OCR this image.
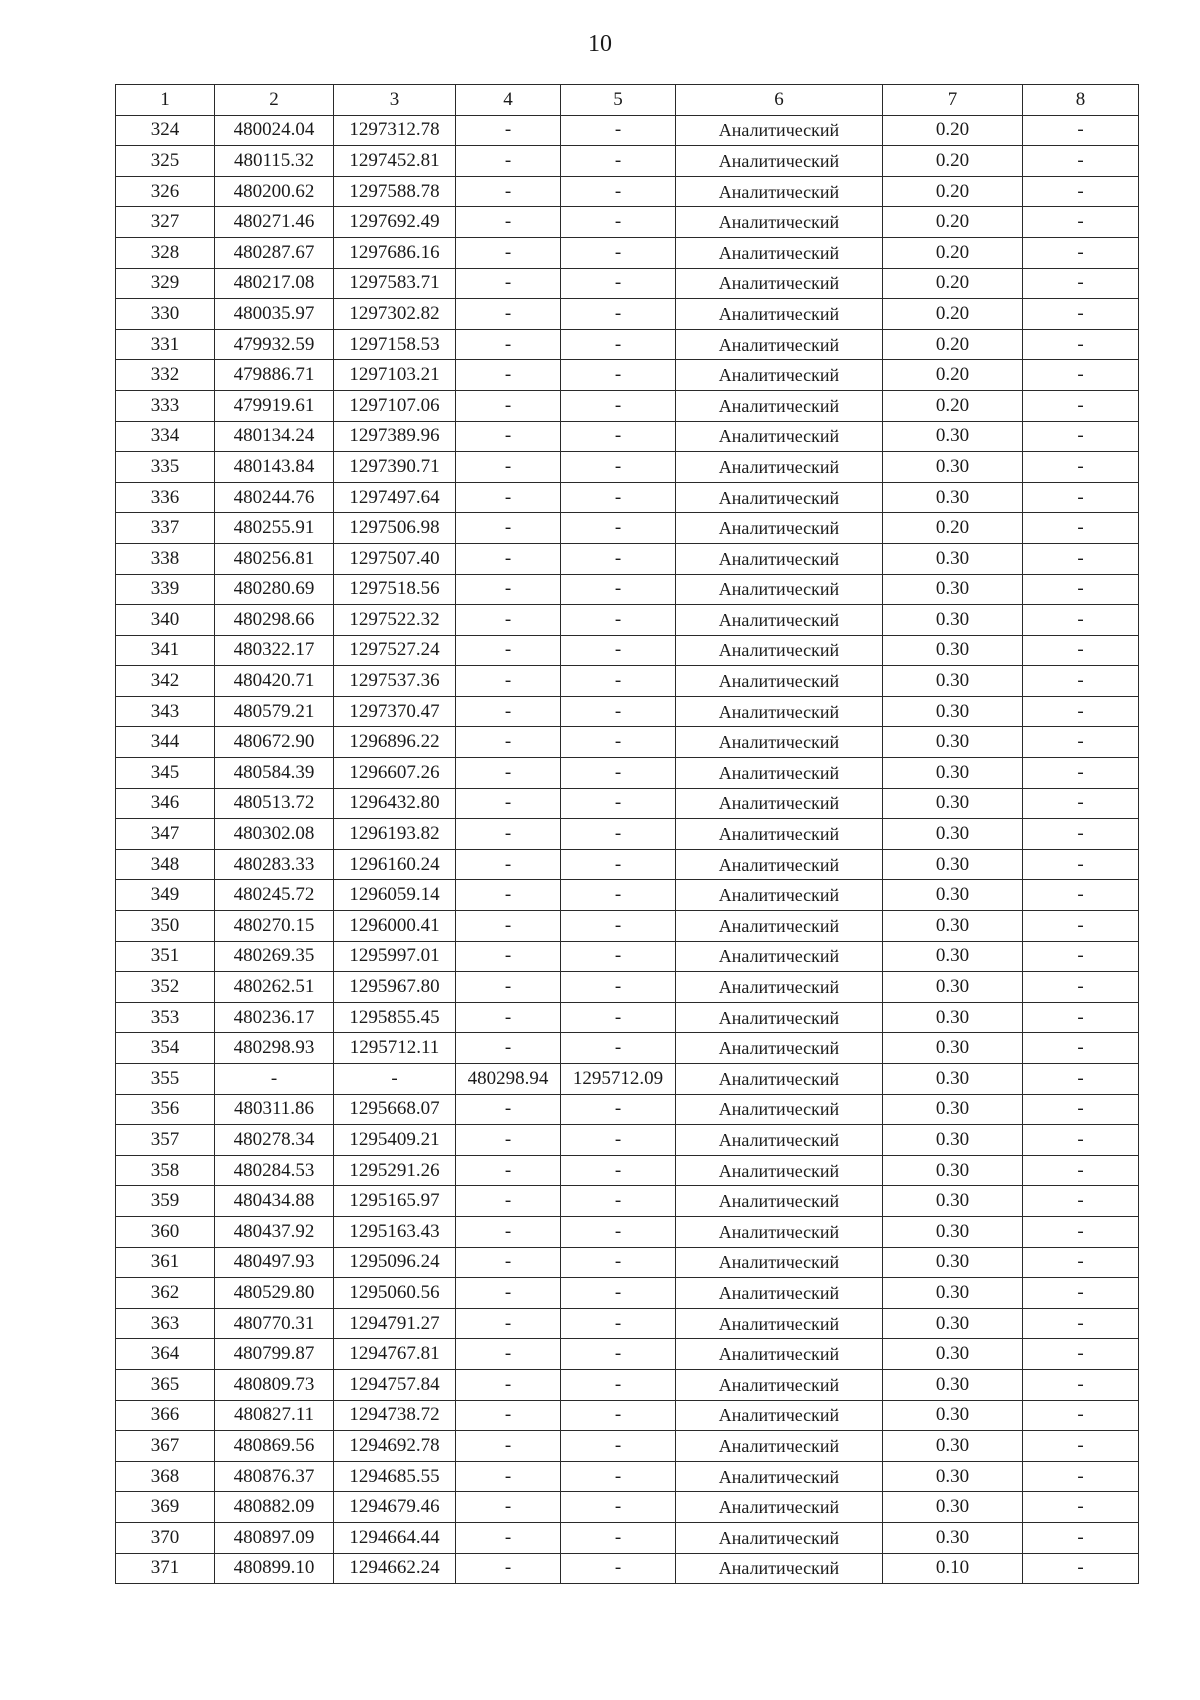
10
1	2	3	4	5	6	7	8
324	480024.04	1297312.78	-	-	Аналитический	0.20	-
325	480115.32	1297452.81	-	-	Аналитический	0.20	-
326	480200.62	1297588.78	-	-	Аналитический	0.20	-
327	480271.46	1297692.49	-	-	Аналитический	0.20	-
328	480287.67	1297686.16	-	-	Аналитический	0.20	-
329	480217.08	1297583.71	-	-	Аналитический	0.20	-
330	480035.97	1297302.82	-	-	Аналитический	0.20	-
331	479932.59	1297158.53	-	-	Аналитический	0.20	-
332	479886.71	1297103.21	-	-	Аналитический	0.20	-
333	479919.61	1297107.06	-	-	Аналитический	0.20	-
334	480134.24	1297389.96	-	-	Аналитический	0.30	-
335	480143.84	1297390.71	-	-	Аналитический	0.30	-
336	480244.76	1297497.64	-	-	Аналитический	0.30	-
337	480255.91	1297506.98	-	-	Аналитический	0.20	-
338	480256.81	1297507.40	-	-	Аналитический	0.30	-
339	480280.69	1297518.56	-	-	Аналитический	0.30	-
340	480298.66	1297522.32	-	-	Аналитический	0.30	-
341	480322.17	1297527.24	-	-	Аналитический	0.30	-
342	480420.71	1297537.36	-	-	Аналитический	0.30	-
343	480579.21	1297370.47	-	-	Аналитический	0.30	-
344	480672.90	1296896.22	-	-	Аналитический	0.30	-
345	480584.39	1296607.26	-	-	Аналитический	0.30	-
346	480513.72	1296432.80	-	-	Аналитический	0.30	-
347	480302.08	1296193.82	-	-	Аналитический	0.30	-
348	480283.33	1296160.24	-	-	Аналитический	0.30	-
349	480245.72	1296059.14	-	-	Аналитический	0.30	-
350	480270.15	1296000.41	-	-	Аналитический	0.30	-
351	480269.35	1295997.01	-	-	Аналитический	0.30	-
352	480262.51	1295967.80	-	-	Аналитический	0.30	-
353	480236.17	1295855.45	-	-	Аналитический	0.30	-
354	480298.93	1295712.11	-	-	Аналитический	0.30	-
355	-	-	480298.94	1295712.09	Аналитический	0.30	-
356	480311.86	1295668.07	-	-	Аналитический	0.30	-
357	480278.34	1295409.21	-	-	Аналитический	0.30	-
358	480284.53	1295291.26	-	-	Аналитический	0.30	-
359	480434.88	1295165.97	-	-	Аналитический	0.30	-
360	480437.92	1295163.43	-	-	Аналитический	0.30	-
361	480497.93	1295096.24	-	-	Аналитический	0.30	-
362	480529.80	1295060.56	-	-	Аналитический	0.30	-
363	480770.31	1294791.27	-	-	Аналитический	0.30	-
364	480799.87	1294767.81	-	-	Аналитический	0.30	-
365	480809.73	1294757.84	-	-	Аналитический	0.30	-
366	480827.11	1294738.72	-	-	Аналитический	0.30	-
367	480869.56	1294692.78	-	-	Аналитический	0.30	-
368	480876.37	1294685.55	-	-	Аналитический	0.30	-
369	480882.09	1294679.46	-	-	Аналитический	0.30	-
370	480897.09	1294664.44	-	-	Аналитический	0.30	-
371	480899.10	1294662.24	-	-	Аналитический	0.10	-
